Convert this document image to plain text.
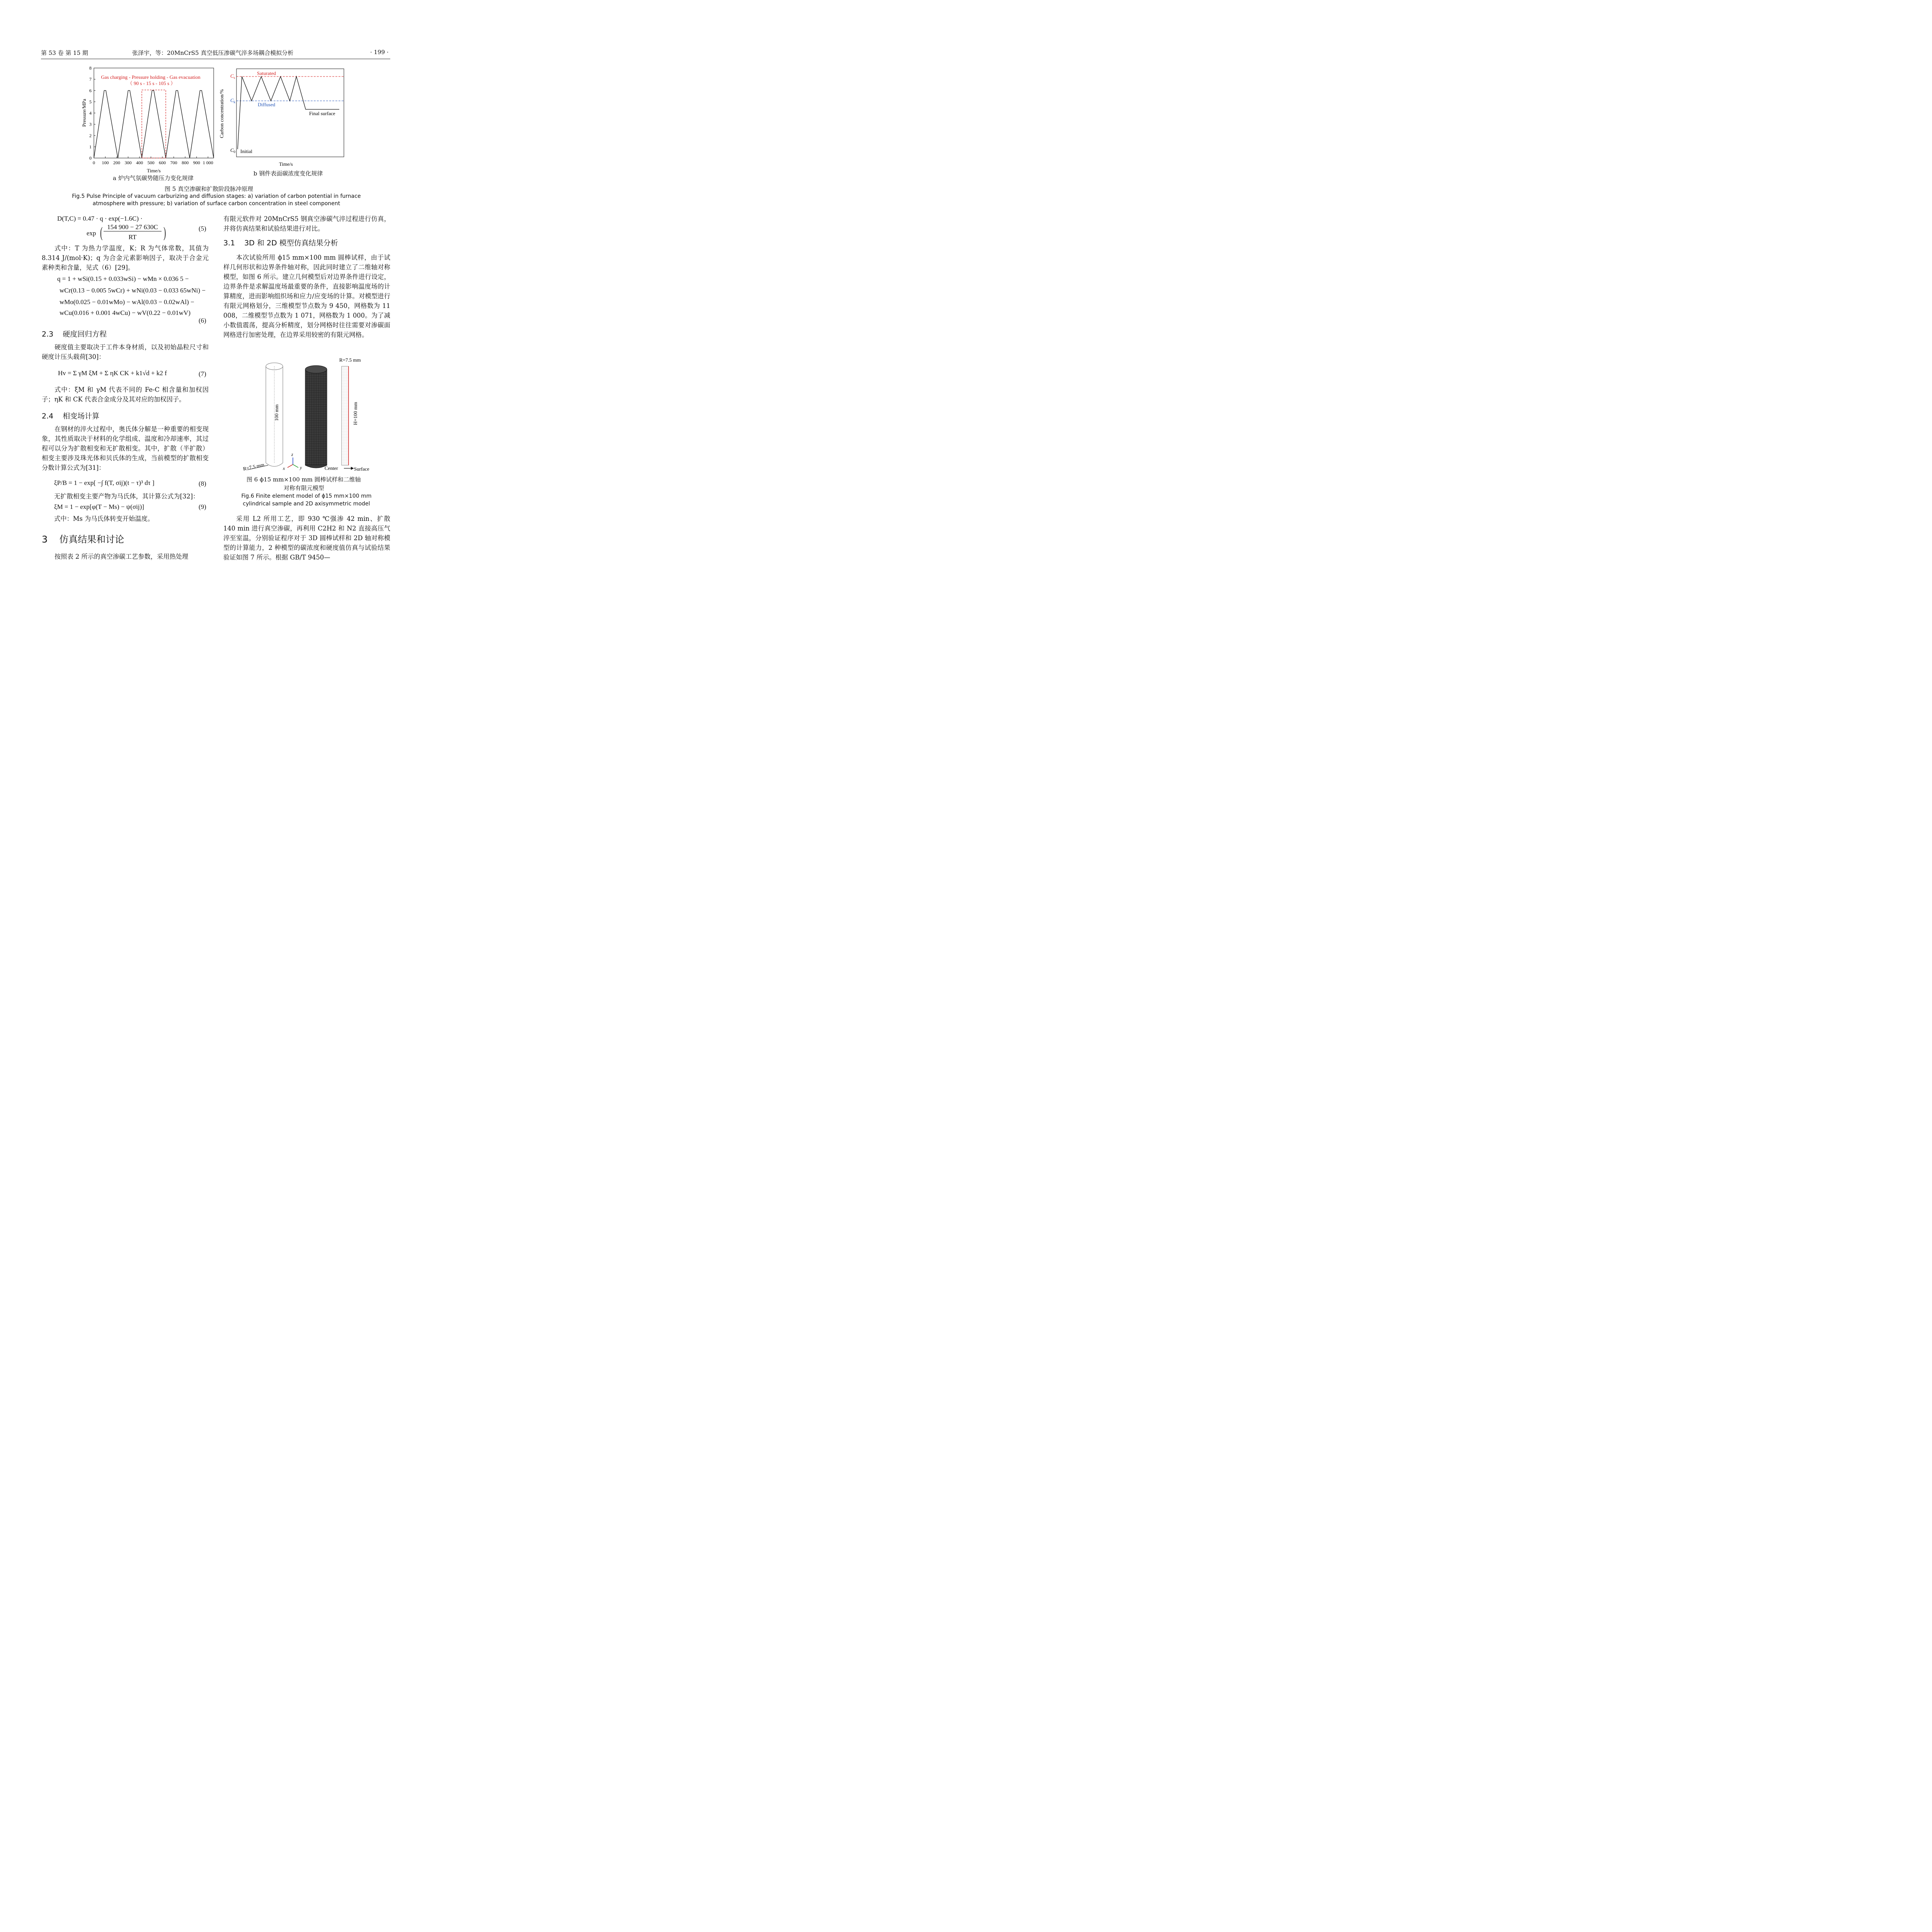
第 53 卷 第 15 期	张泽宇，等：20MnCrS5 真空低压渗碳气淬多场耦合模拟分析	· 199 ·
0
1
2
3
4
5
6
7
8
0 100 200 300 400 500 600 700 800 900 1 000
Gas charging - Pressure holding - Gas evacuation
（ 90 s - 15 s - 105 s ）
Pressure/MPa
Time/s
a 炉内气氛碳势随压力变化规律
$C_s$
$C_k$
$C_0$
Saturated
Diffused
Final surface
Initial
Carbon concentration/%
Time/s
b 钢件表面碳浓度变化规律
图 5 真空渗碳和扩散阶段脉冲原理
Fig.5 Pulse Principle of vacuum carburizing and diffusion stages: a) variation of carbon potential in furnace
atmosphere with pressure; b) variation of surface carbon concentration in steel component
D(T,C) = 0.47 · q · exp(−1.6C) ·
exp
154 900 − 27 630C
RT
(	)	(5)
式中：T 为热力学温度，K；R 为气体常数，其值为 8.314 J/(mol·K)；q 为合金元素影响因子，取决于合金元素种类和含量，见式（6）[29]。
q = 1 + wSi(0.15 + 0.033wSi) − wMn × 0.036 5 −
wCr(0.13 − 0.005 5wCr) + wNi(0.03 − 0.033 65wNi) −
wMo(0.025 − 0.01wMo) − wAl(0.03 − 0.02wAl) −
wCu(0.016 + 0.001 4wCu) − wV(0.22 − 0.01wV)
(6)
2.3 硬度回归方程
硬度值主要取决于工件本身材质，以及初始晶粒尺寸和硬度计压头载荷[30]：
Hv = Σ γM ξM + Σ ηK CK + k1√d + k2 f	(7)
式中：ξM 和 γM 代表不同的 Fe-C 相含量和加权因子；ηK 和 CK 代表合金成分及其对应的加权因子。
2.4 相变场计算
在钢材的淬火过程中，奥氏体分解是一种重要的相变现象，其性质取决于材料的化学组成、温度和冷却速率，其过程可以分为扩散相变和无扩散相变。其中，扩散（半扩散）相变主要涉及珠光体和贝氏体的生成，当前模型的扩散相变分数计算公式为[31]：
ξP/B = 1 − exp[ −∫ f(T, σij)(t − τ)³ dτ ]	(8)
无扩散相变主要产物为马氏体，其计算公式为[32]：
ξM = 1 − exp[φ(T − Ms) − ψ(σij)]	(9)
式中：Ms 为马氏体转变开始温度。
3 仿真结果和讨论
按照表 2 所示的真空渗碳工艺参数，采用热处理
有限元软件对 20MnCrS5 钢真空渗碳气淬过程进行仿真，并将仿真结果和试验结果进行对比。
3.1 3D 和 2D 模型仿真结果分析
本次试验所用 ϕ15 mm×100 mm 圆棒试样，由于试样几何形状和边界条件轴对称，因此同时建立了二维轴对称模型，如图 6 所示。建立几何模型后对边界条件进行设定，边界条件是求解温度场最重要的条件，直接影响温度场的计算精度，进而影响组织场和应力/应变场的计算。对模型进行有限元网格划分，三维模型节点数为 9 450，网格数为 11 008，二维模型节点数为 1 071，网格数为 1 000。为了减小数值震荡，提高分析精度，划分网格时往往需要对渗碳面网格进行加密处理，在边界采用较密的有限元网格。
100 mm
R=7.5 mm
z
x	y
R=7.5 mm
H=100 mm
Center	Surface
图 6 ϕ15 mm×100 mm 圆棒试样和二维轴
对称有限元模型
Fig.6 Finite element model of ϕ15 mm×100 mm
cylindrical sample and 2D axisymmetric model
采用 L2 所用工艺，即 930 ℃强渗 42 min、扩散 140 min 进行真空渗碳，再利用 C2H2 和 N2 直接高压气淬至室温，分别验证程序对于 3D 圆棒试样和 2D 轴对称模型的计算能力，2 种模型的碳浓度和硬度值仿真与试验结果验证如图 7 所示。根据 GB/T 9450—
